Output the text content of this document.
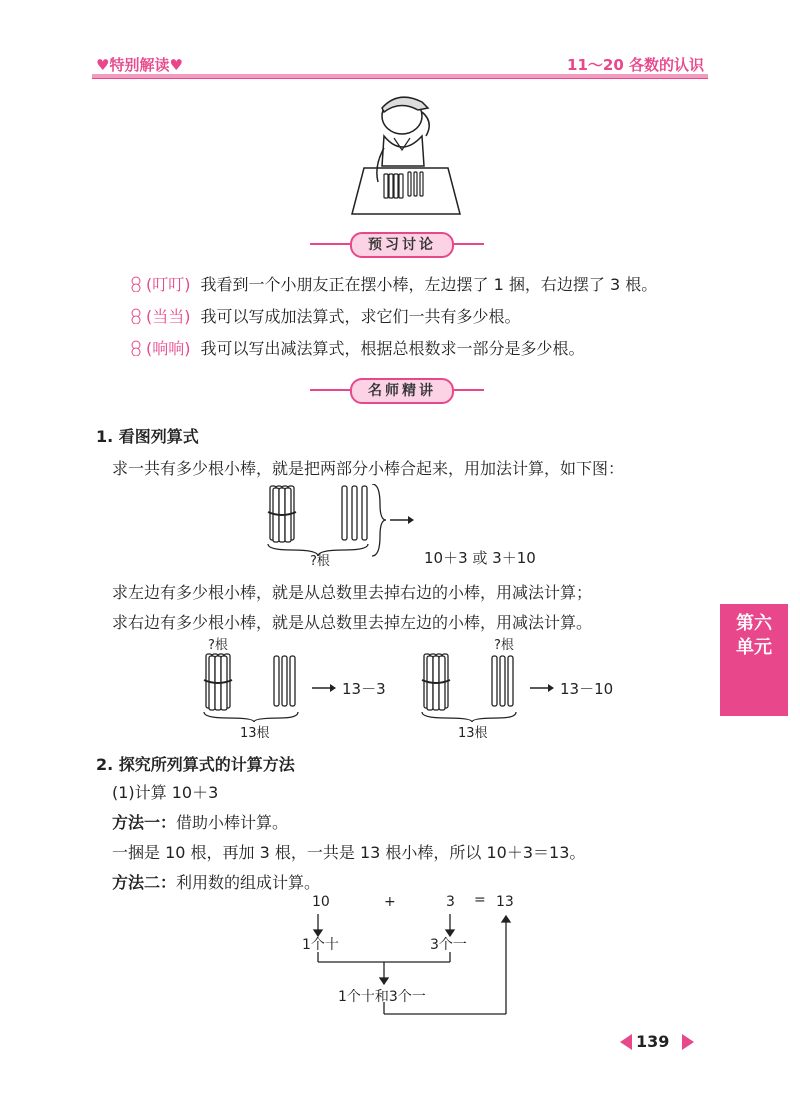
♥特别解读♥	11～20 各数的认识
预习讨论
(叮叮) 我看到一个小朋友正在摆小棒，左边摆了 1 捆，右边摆了 3 根。
(当当) 我可以写成加法算式，求它们一共有多少根。
(响响) 我可以写出减法算式，根据总根数求一部分是多少根。
名师精讲
1. 看图列算式
求一共有多少根小棒，就是把两部分小棒合起来，用加法计算，如下图：
?根	10＋3 或 3＋10
求左边有多少根小棒，就是从总数里去掉右边的小棒，用减法计算；
求右边有多少根小棒，就是从总数里去掉左边的小棒，用减法计算。
?根
13－3
13根
?根
13－10
13根
2. 探究所列算式的计算方法
(1)计算 10＋3
方法一：借助小棒计算。
一捆是 10 根，再加 3 根，一共是 13 根小棒，所以 10＋3＝13。
方法二：利用数的组成计算。
10	+	3 = 13
1个十	3个一
1个十和3个一
第六单元
139
